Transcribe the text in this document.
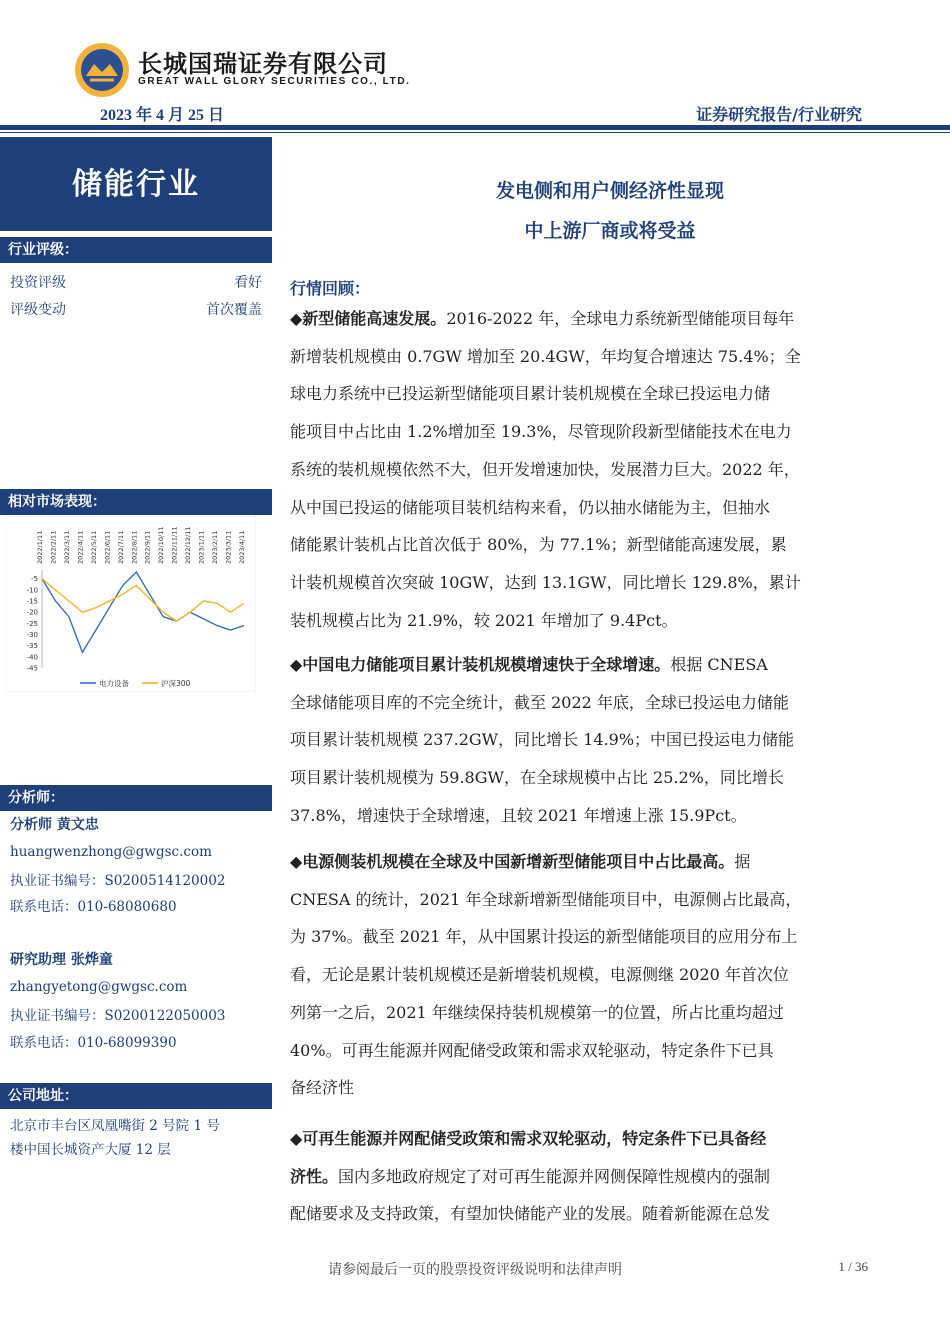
长城国瑞证券有限公司
GREAT WALL GLORY SECURITIES CO., LTD.
2023 年 4 月 25 日	证券研究报告/行业研究
储能行业	发电侧和用户侧经济性显现
中上游厂商或将受益
行业评级：
投资评级	看好
评级变动	首次覆盖
相对市场表现：
2022/1/11 2022/2/11 2022/3/11 2022/4/11 2022/5/11 2022/6/11 2022/7/11 2022/8/11 2022/9/11 2022/10/11 2022/11/11 2022/12/11 2023/1/11 2023/2/11 2023/3/11 2023/4/11
-5
-10
-15
-20
-25
-30
-35
-40
-45
电力设备	沪深300
分析师：
分析师 黄文忠
huangwenzhong@gwgsc.com
执业证书编号：S0200514120002
联系电话：010-68080680
研究助理 张烨童
zhangyetong@gwgsc.com
执业证书编号：S0200122050003
联系电话：010-68099390
公司地址：
北京市丰台区凤凰嘴街 2 号院 1 号
楼中国长城资产大厦 12 层
行情回顾：
◆新型储能高速发展。2016-2022 年，全球电力系统新型储能项目每年
新增装机规模由 0.7GW 增加至 20.4GW，年均复合增速达 75.4%；全
球电力系统中已投运新型储能项目累计装机规模在全球已投运电力储
能项目中占比由 1.2%增加至 19.3%，尽管现阶段新型储能技术在电力
系统的装机规模依然不大，但开发增速加快，发展潜力巨大。2022 年，
从中国已投运的储能项目装机结构来看，仍以抽水储能为主，但抽水
储能累计装机占比首次低于 80%，为 77.1%；新型储能高速发展，累
计装机规模首次突破 10GW，达到 13.1GW，同比增长 129.8%，累计
装机规模占比为 21.9%，较 2021 年增加了 9.4Pct。
◆中国电力储能项目累计装机规模增速快于全球增速。根据 CNESA
全球储能项目库的不完全统计，截至 2022 年底，全球已投运电力储能
项目累计装机规模 237.2GW，同比增长 14.9%；中国已投运电力储能
项目累计装机规模为 59.8GW，在全球规模中占比 25.2%，同比增长
37.8%，增速快于全球增速，且较 2021 年增速上涨 15.9Pct。
◆电源侧装机规模在全球及中国新增新型储能项目中占比最高。据
CNESA 的统计，2021 年全球新增新型储能项目中，电源侧占比最高，
为 37%。截至 2021 年，从中国累计投运的新型储能项目的应用分布上
看，无论是累计装机规模还是新增装机规模，电源侧继 2020 年首次位
列第一之后，2021 年继续保持装机规模第一的位置，所占比重均超过
40%。可再生能源并网配储受政策和需求双轮驱动，特定条件下已具
备经济性
◆可再生能源并网配储受政策和需求双轮驱动，特定条件下已具备经
济性。国内多地政府规定了对可再生能源并网侧保障性规模内的强制
配储要求及支持政策，有望加快储能产业的发展。随着新能源在总发
请参阅最后一页的股票投资评级说明和法律声明	1 / 36
